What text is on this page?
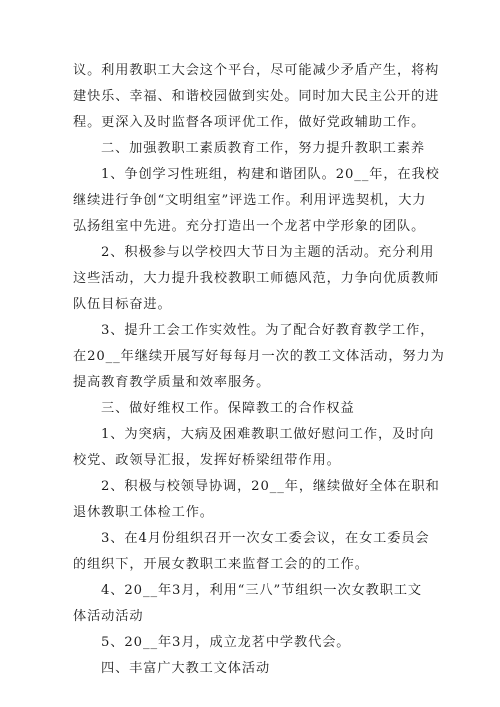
议。利用教职工大会这个平台，尽可能减少矛盾产生，将构
建快乐、幸福、和谐校园做到实处。同时加大民主公开的进
程。更深入及时监督各项评优工作，做好党政辅助工作。
二、加强教职工素质教育工作，努力提升教职工素养
1、争创学习性班组，构建和谐团队。20__年，在我校
继续进行争创“文明组室”评选工作。利用评选契机，大力
弘扬组室中先进。充分打造出一个龙茗中学形象的团队。
2、积极参与以学校四大节日为主题的活动。充分利用
这些活动，大力提升我校教职工师德风范，力争向优质教师
队伍目标奋进。
3、提升工会工作实效性。为了配合好教育教学工作，
在20__年继续开展写好每每月一次的教工文体活动，努力为
提高教育教学质量和效率服务。
三、做好维权工作。保障教工的合作权益
1、为突病，大病及困难教职工做好慰问工作，及时向
校党、政领导汇报，发挥好桥梁纽带作用。
2、积极与校领导协调，20__年，继续做好全体在职和
退休教职工体检工作。
3、在4月份组织召开一次女工委会议，在女工委员会
的组织下，开展女教职工来监督工会的的工作。
4、20__年3月，利用“三八”节组织一次女教职工文
体活动活动
5、20__年3月，成立龙茗中学教代会。
四、丰富广大教工文体活动
